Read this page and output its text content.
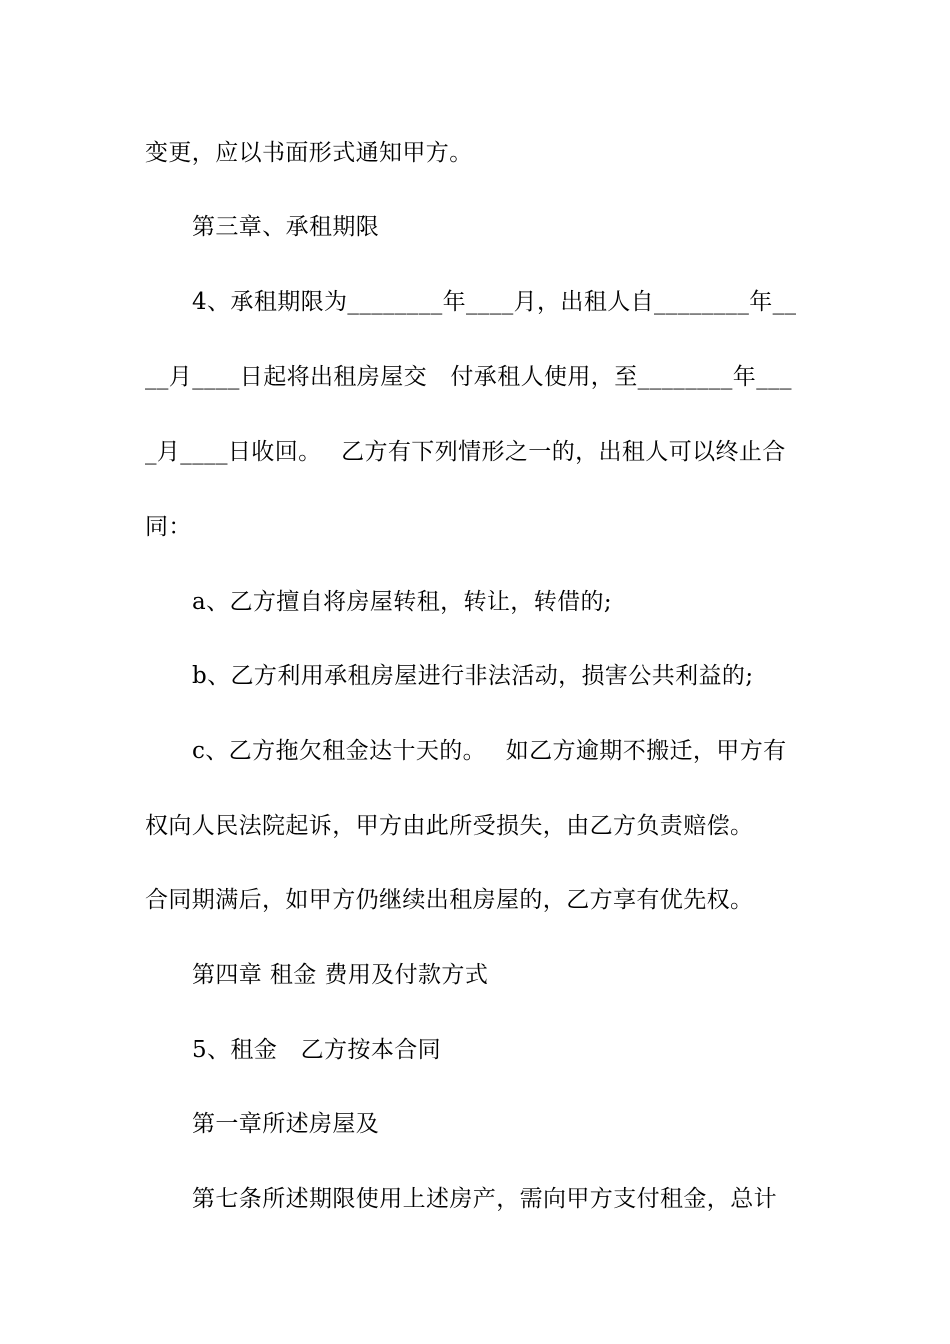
变更，应以书面形式通知甲方。
第三章、承租期限
4、承租期限为________年____月，出租人自________年__
__月____日起将出租房屋交　付承租人使用，至________年___
_月____日收回。　 乙方有下列情形之一的，出租人可以终止合
同：
a、乙方擅自将房屋转租，转让，转借的;
b、乙方利用承租房屋进行非法活动，损害公共利益的;
c、乙方拖欠租金达十天的。　 如乙方逾期不搬迁，甲方有
权向人民法院起诉，甲方由此所受损失，由乙方负责赔偿。
合同期满后，如甲方仍继续出租房屋的，乙方享有优先权。
第四章 租金 费用及付款方式
5、租金　乙方按本合同
第一章所述房屋及
第七条所述期限使用上述房产，需向甲方支付租金，总计
